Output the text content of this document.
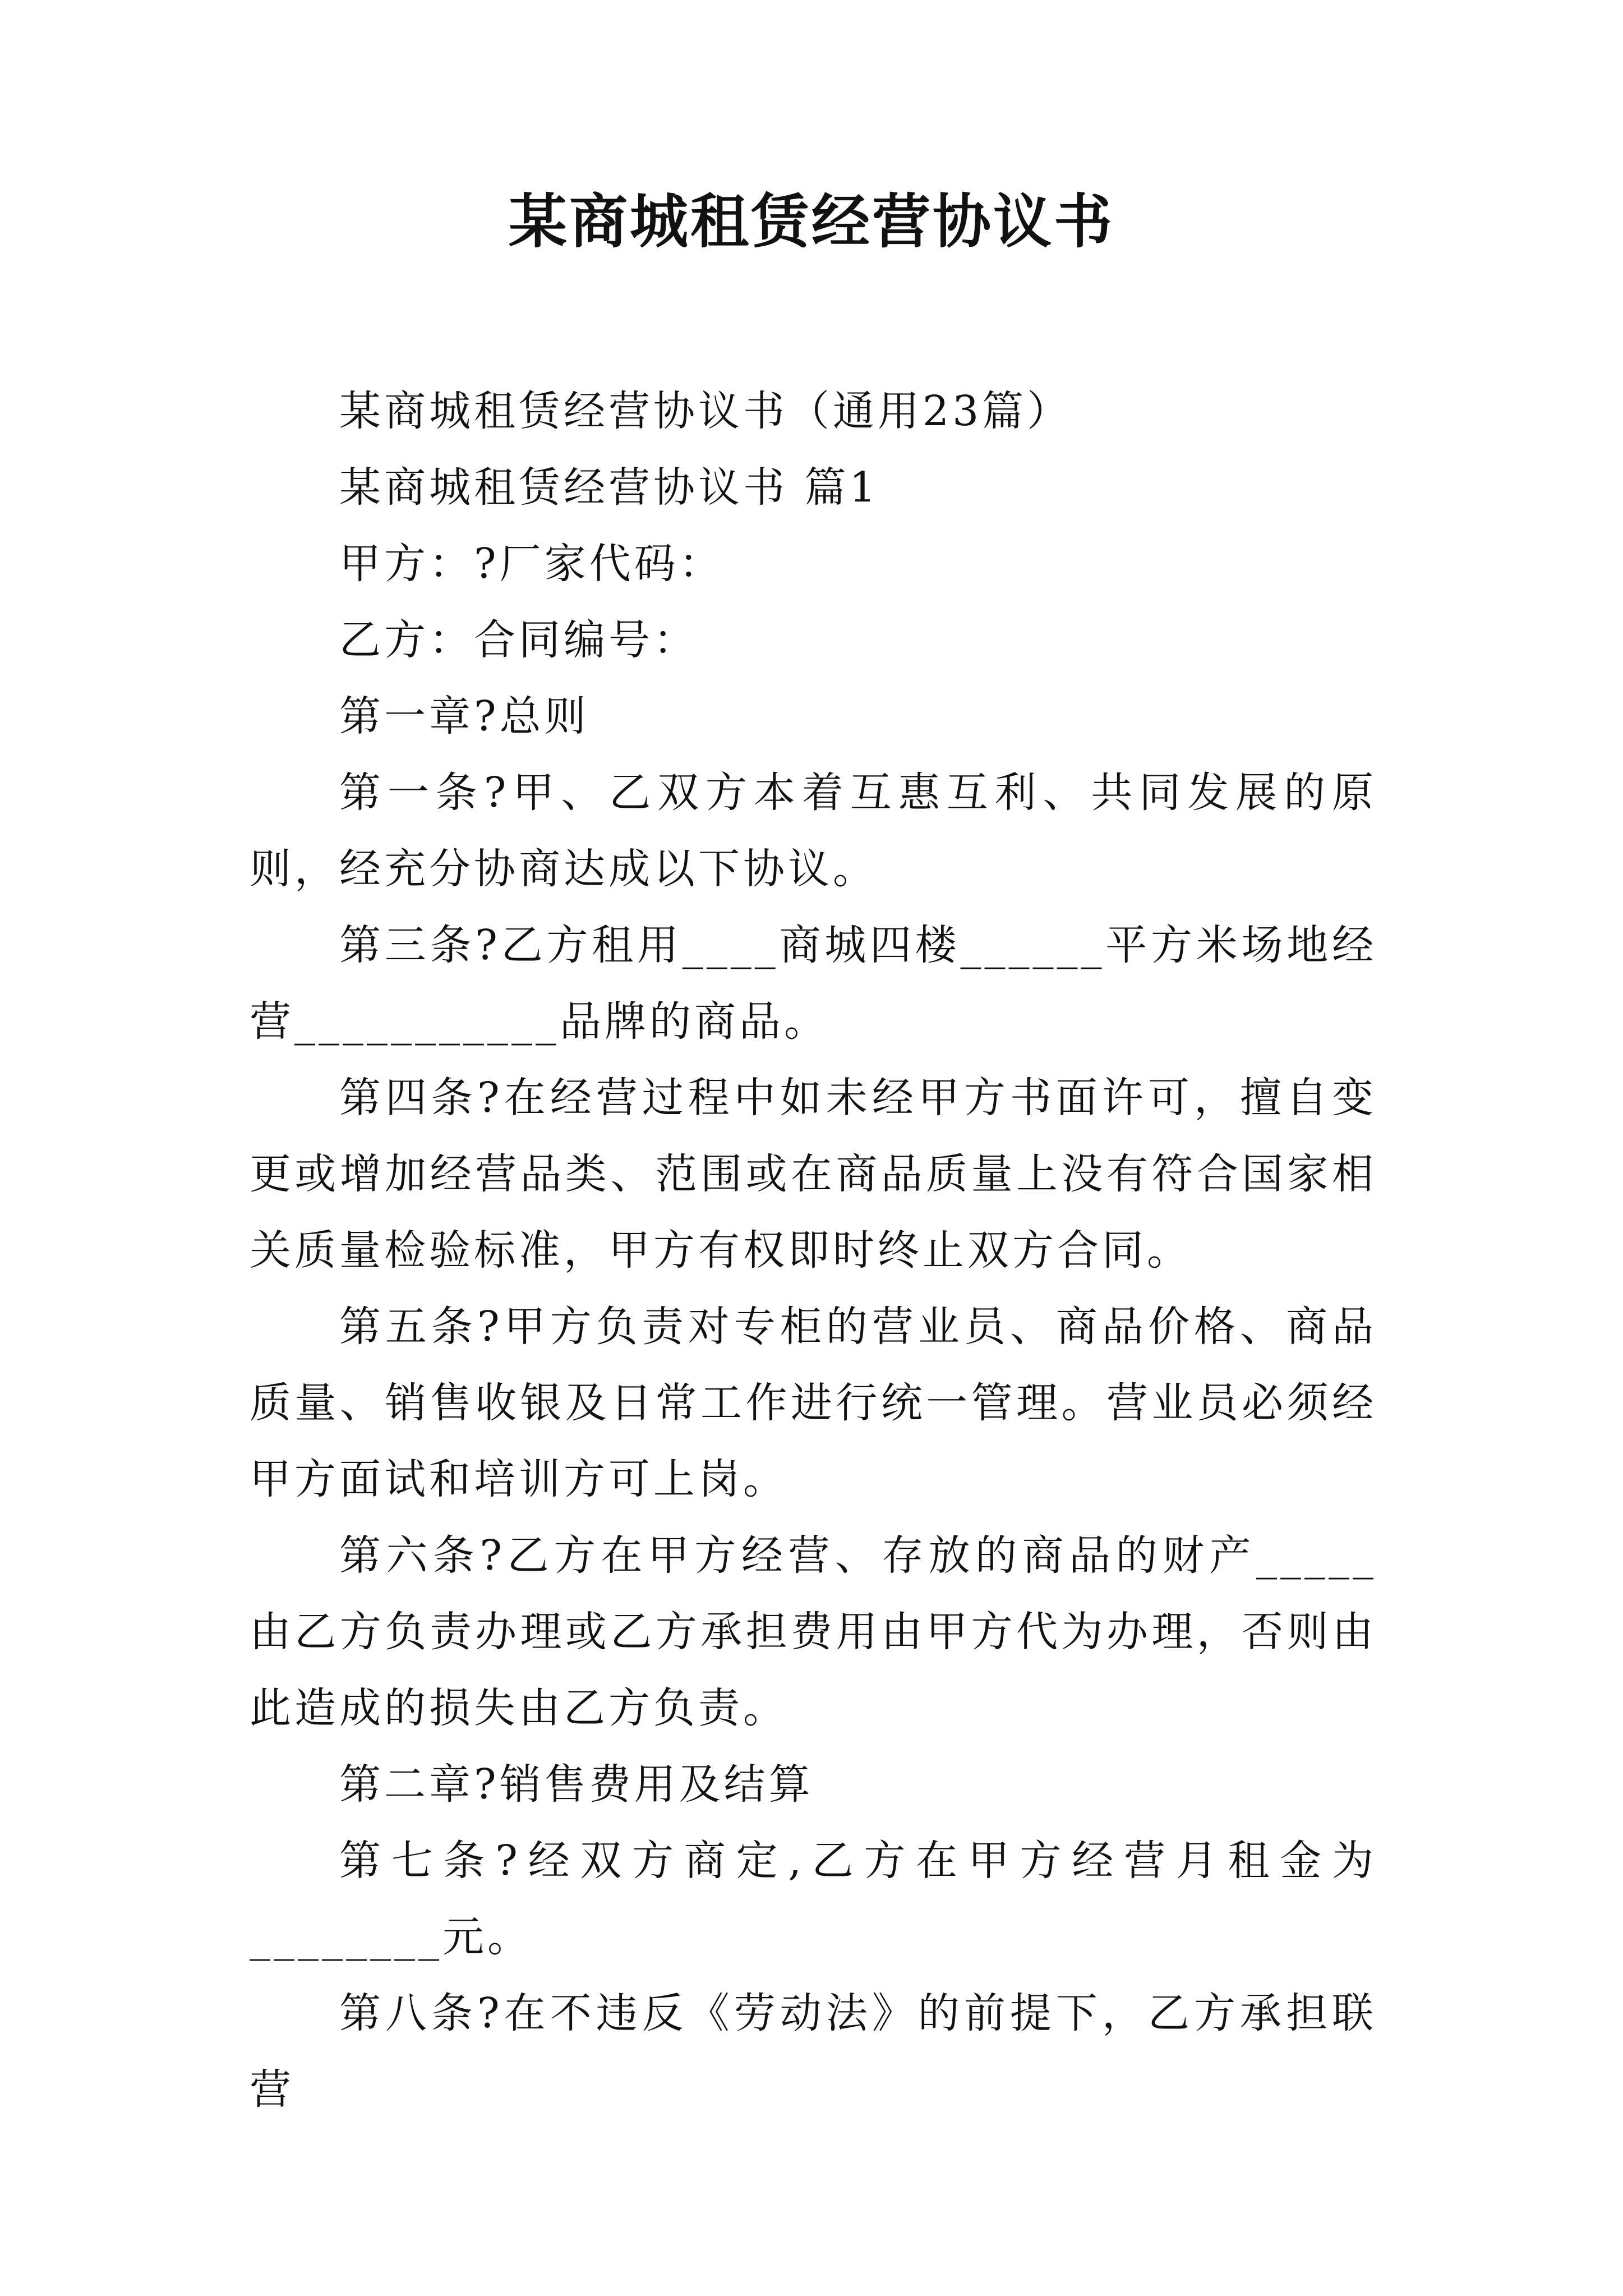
某商城租赁经营协议书

某商城租赁经营协议书（通用23篇）

某商城租赁经营协议书 篇1

甲方：?厂家代码：

乙方：合同编号：

第一章?总则

第一条?甲、乙双方本着互惠互利、共同发展的原则，经充分协商达成以下协议。

第三条?乙方租用____商城四楼______平方米场地经营___________品牌的商品。

第四条?在经营过程中如未经甲方书面许可，擅自变更或增加经营品类、范围或在商品质量上没有符合国家相关质量检验标准，甲方有权即时终止双方合同。

第五条?甲方负责对专柜的营业员、商品价格、商品质量、销售收银及日常工作进行统一管理。营业员必须经甲方面试和培训方可上岗。

第六条?乙方在甲方经营、存放的商品的财产_____由乙方负责办理或乙方承担费用由甲方代为办理，否则由此造成的损失由乙方负责。

第二章?销售费用及结算

第七条?经双方商定,乙方在甲方经营月租金为________元。

第八条?在不违反《劳动法》的前提下，乙方承担联营
